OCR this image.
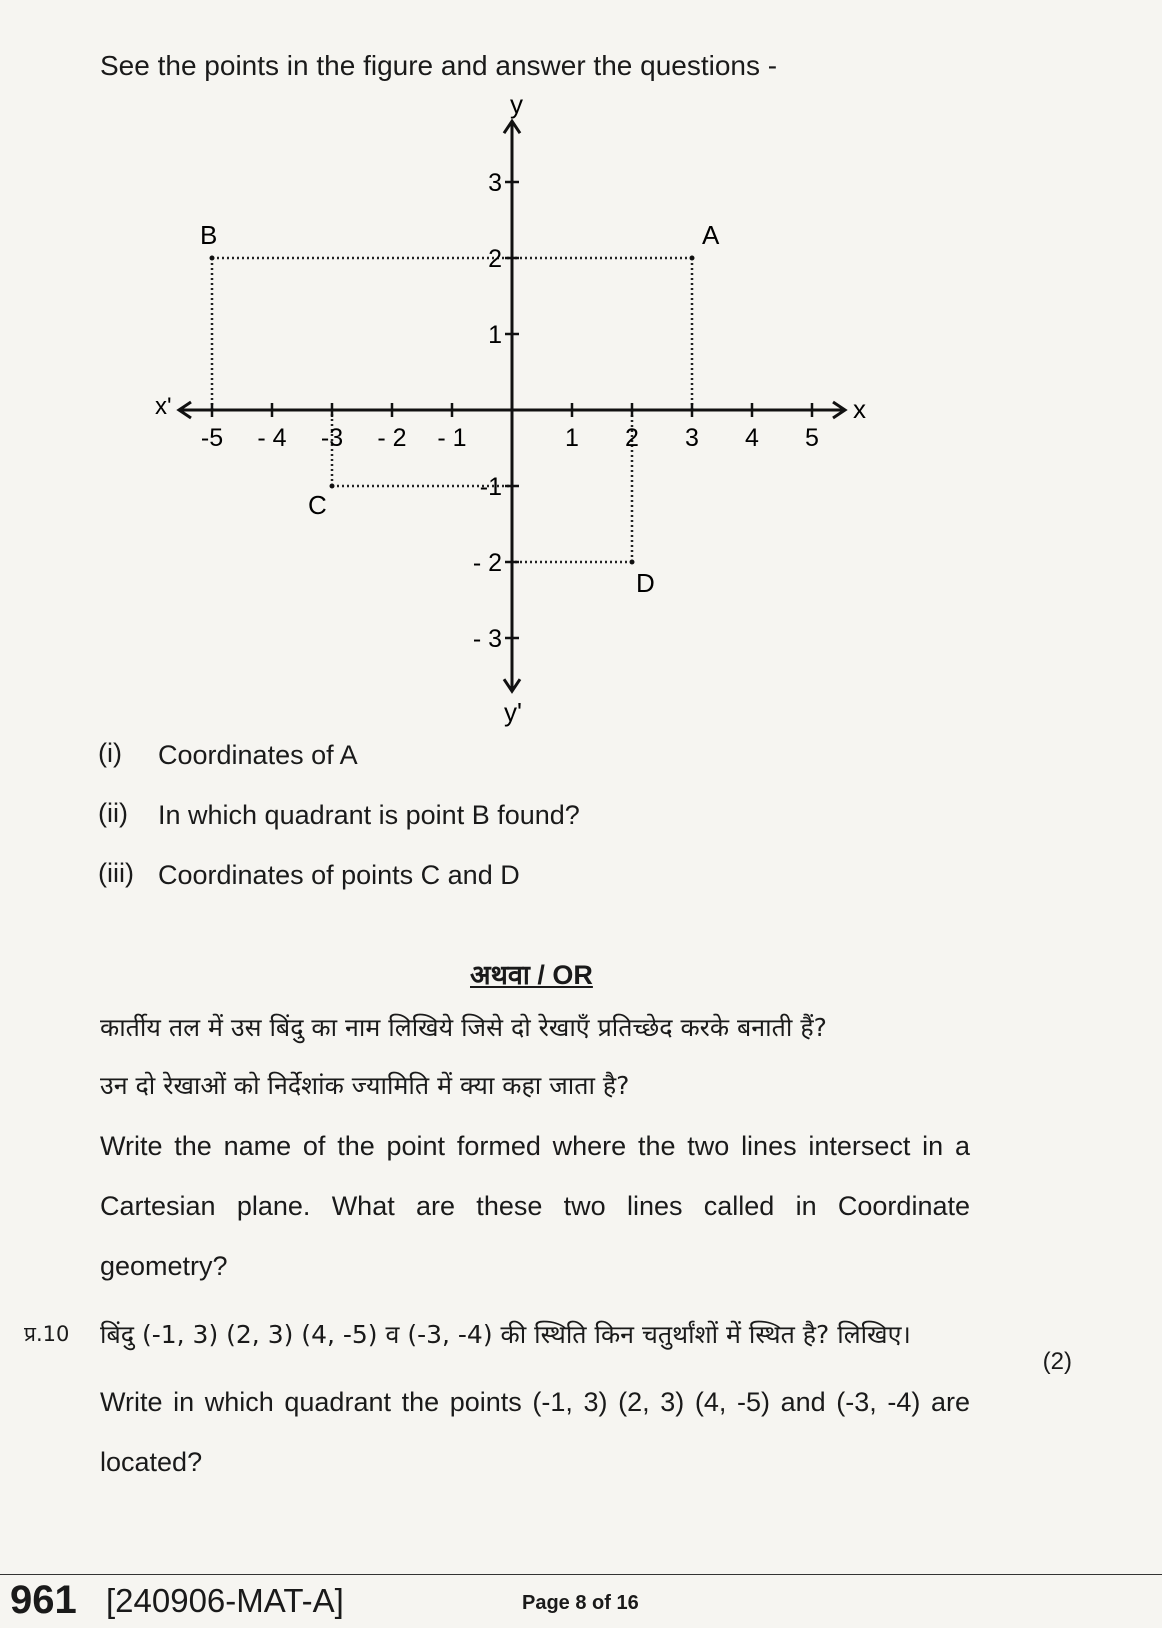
See the points in the figure and answer the questions -
x
x'
y
y'
-5 - 4 -3 - 2 - 1	1 2 3 4 5
3
2
1
-1
- 2
- 3
A
B
C
D
(i) Coordinates of A
(ii) In which quadrant is point B found?
(iii) Coordinates of points C and D
अथवा / OR
कार्तीय तल में उस बिंदु का नाम लिखिये जिसे दो रेखाएँ प्रतिच्छेद करके बनाती हैं?
उन दो रेखाओं को निर्देशांक ज्यामिति में क्या कहा जाता है?
Write the name of the point formed where the two lines intersect in a Cartesian plane. What are these two lines called in Coordinate geometry?
प्र.10 बिंदु (-1, 3) (2, 3) (4, -5) व (-3, -4) की स्थिति किन चतुर्थांशों में स्थित है? लिखिए।
(2)
Write in which quadrant the points (-1, 3) (2, 3) (4, -5) and (-3, -4) are located?
961 [240906-MAT-A]	Page 8 of 16
